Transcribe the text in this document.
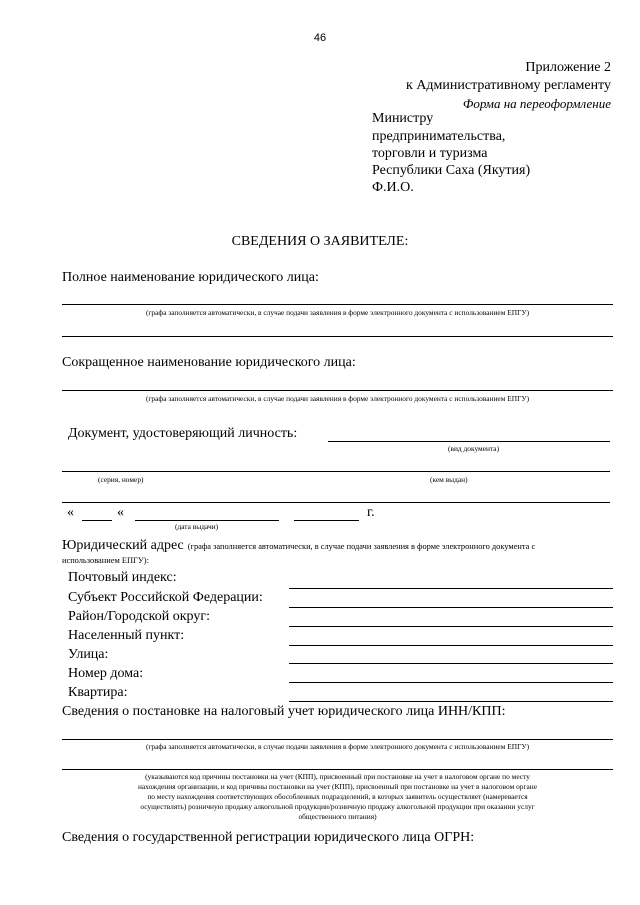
46
Приложение 2
к Административному регламенту
Форма на переоформление
Министру
предпринимательства,
торговли и туризма
Республики Саха (Якутия)
Ф.И.О.
СВЕДЕНИЯ О ЗАЯВИТЕЛЕ:
Полное наименование юридического лица:
(графа заполняется автоматически, в случае подачи заявления в форме электронного документа с использованием ЕПГУ)
Сокращенное наименование юридического лица:
(графа заполняется автоматически, в случае подачи заявления в форме электронного документа с использованием ЕПГУ)
Документ, удостоверяющий личность:
(вид документа)
(серия, номер)	(кем выдан)
«	«	г.
(дата выдачи)
Юридический адрес (графа заполняется автоматически, в случае подачи заявления в форме электронного документа с
использованием ЕПГУ):
Почтовый индекс:
Субъект Российской Федерации:
Район/Городской округ:
Населенный пункт:
Улица:
Номер дома:
Квартира:
Сведения о постановке на налоговый учет юридического лица ИНН/КПП:
(графа заполняется автоматически, в случае подачи заявления в форме электронного документа с использованием ЕПГУ)
(указываются код причины постановки на учет (КПП), присвоенный при постановке на учет в налоговом органе по месту
нахождения организации, и код причины постановки на учет (КПП), присвоенный при постановке на учет в налоговом органе
по месту нахождения соответствующих обособленных подразделений, в которых заявитель осуществляет (намеревается
осуществлять) розничную продажу алкогольной продукции/розничную продажу алкогольной продукции при оказании услуг
общественного питания)
Сведения о государственной регистрации юридического лица ОГРН:
